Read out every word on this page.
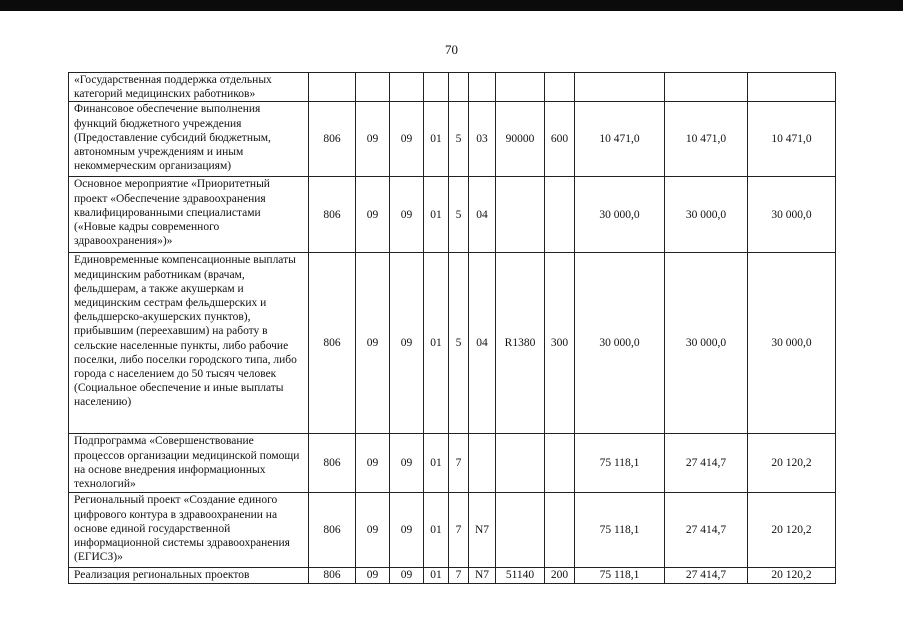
70
«Государственная поддержка отдельных категорий медицинских работников»											
Финансовое обеспечение выполнения функций бюджетного учреждения (Предоставление субсидий бюджетным, автономным учреждениям и иным некоммерческим организациям)	806	09	09	01	5	03	90000	600	10 471,0	10 471,0	10 471,0
Основное мероприятие «Приоритетный проект «Обеспечение здравоохранения квалифицированными специалистами («Новые кадры современного здравоохранения»)»	806	09	09	01	5	04			30 000,0	30 000,0	30 000,0
Единовременные компенсационные выплаты медицинским работникам (врачам, фельдшерам, а также акушеркам и медицинским сестрам фельдшерских и фельдшерско-акушерских пунктов), прибывшим (переехавшим) на работу в сельские населенные пункты, либо рабочие поселки, либо поселки городского типа, либо города с населением до 50 тысяч человек (Социальное обеспечение и иные выплаты населению)	806	09	09	01	5	04	R1380	300	30 000,0	30 000,0	30 000,0
Подпрограмма «Совершенствование процессов организации медицинской помощи на основе внедрения информационных технологий»	806	09	09	01	7				75 118,1	27 414,7	20 120,2
Региональный проект «Создание единого цифрового контура в здравоохранении на основе единой государственной информационной системы здравоохранения (ЕГИСЗ)»	806	09	09	01	7	N7			75 118,1	27 414,7	20 120,2
Реализация региональных проектов	806	09	09	01	7	N7	51140	200	75 118,1	27 414,7	20 120,2
